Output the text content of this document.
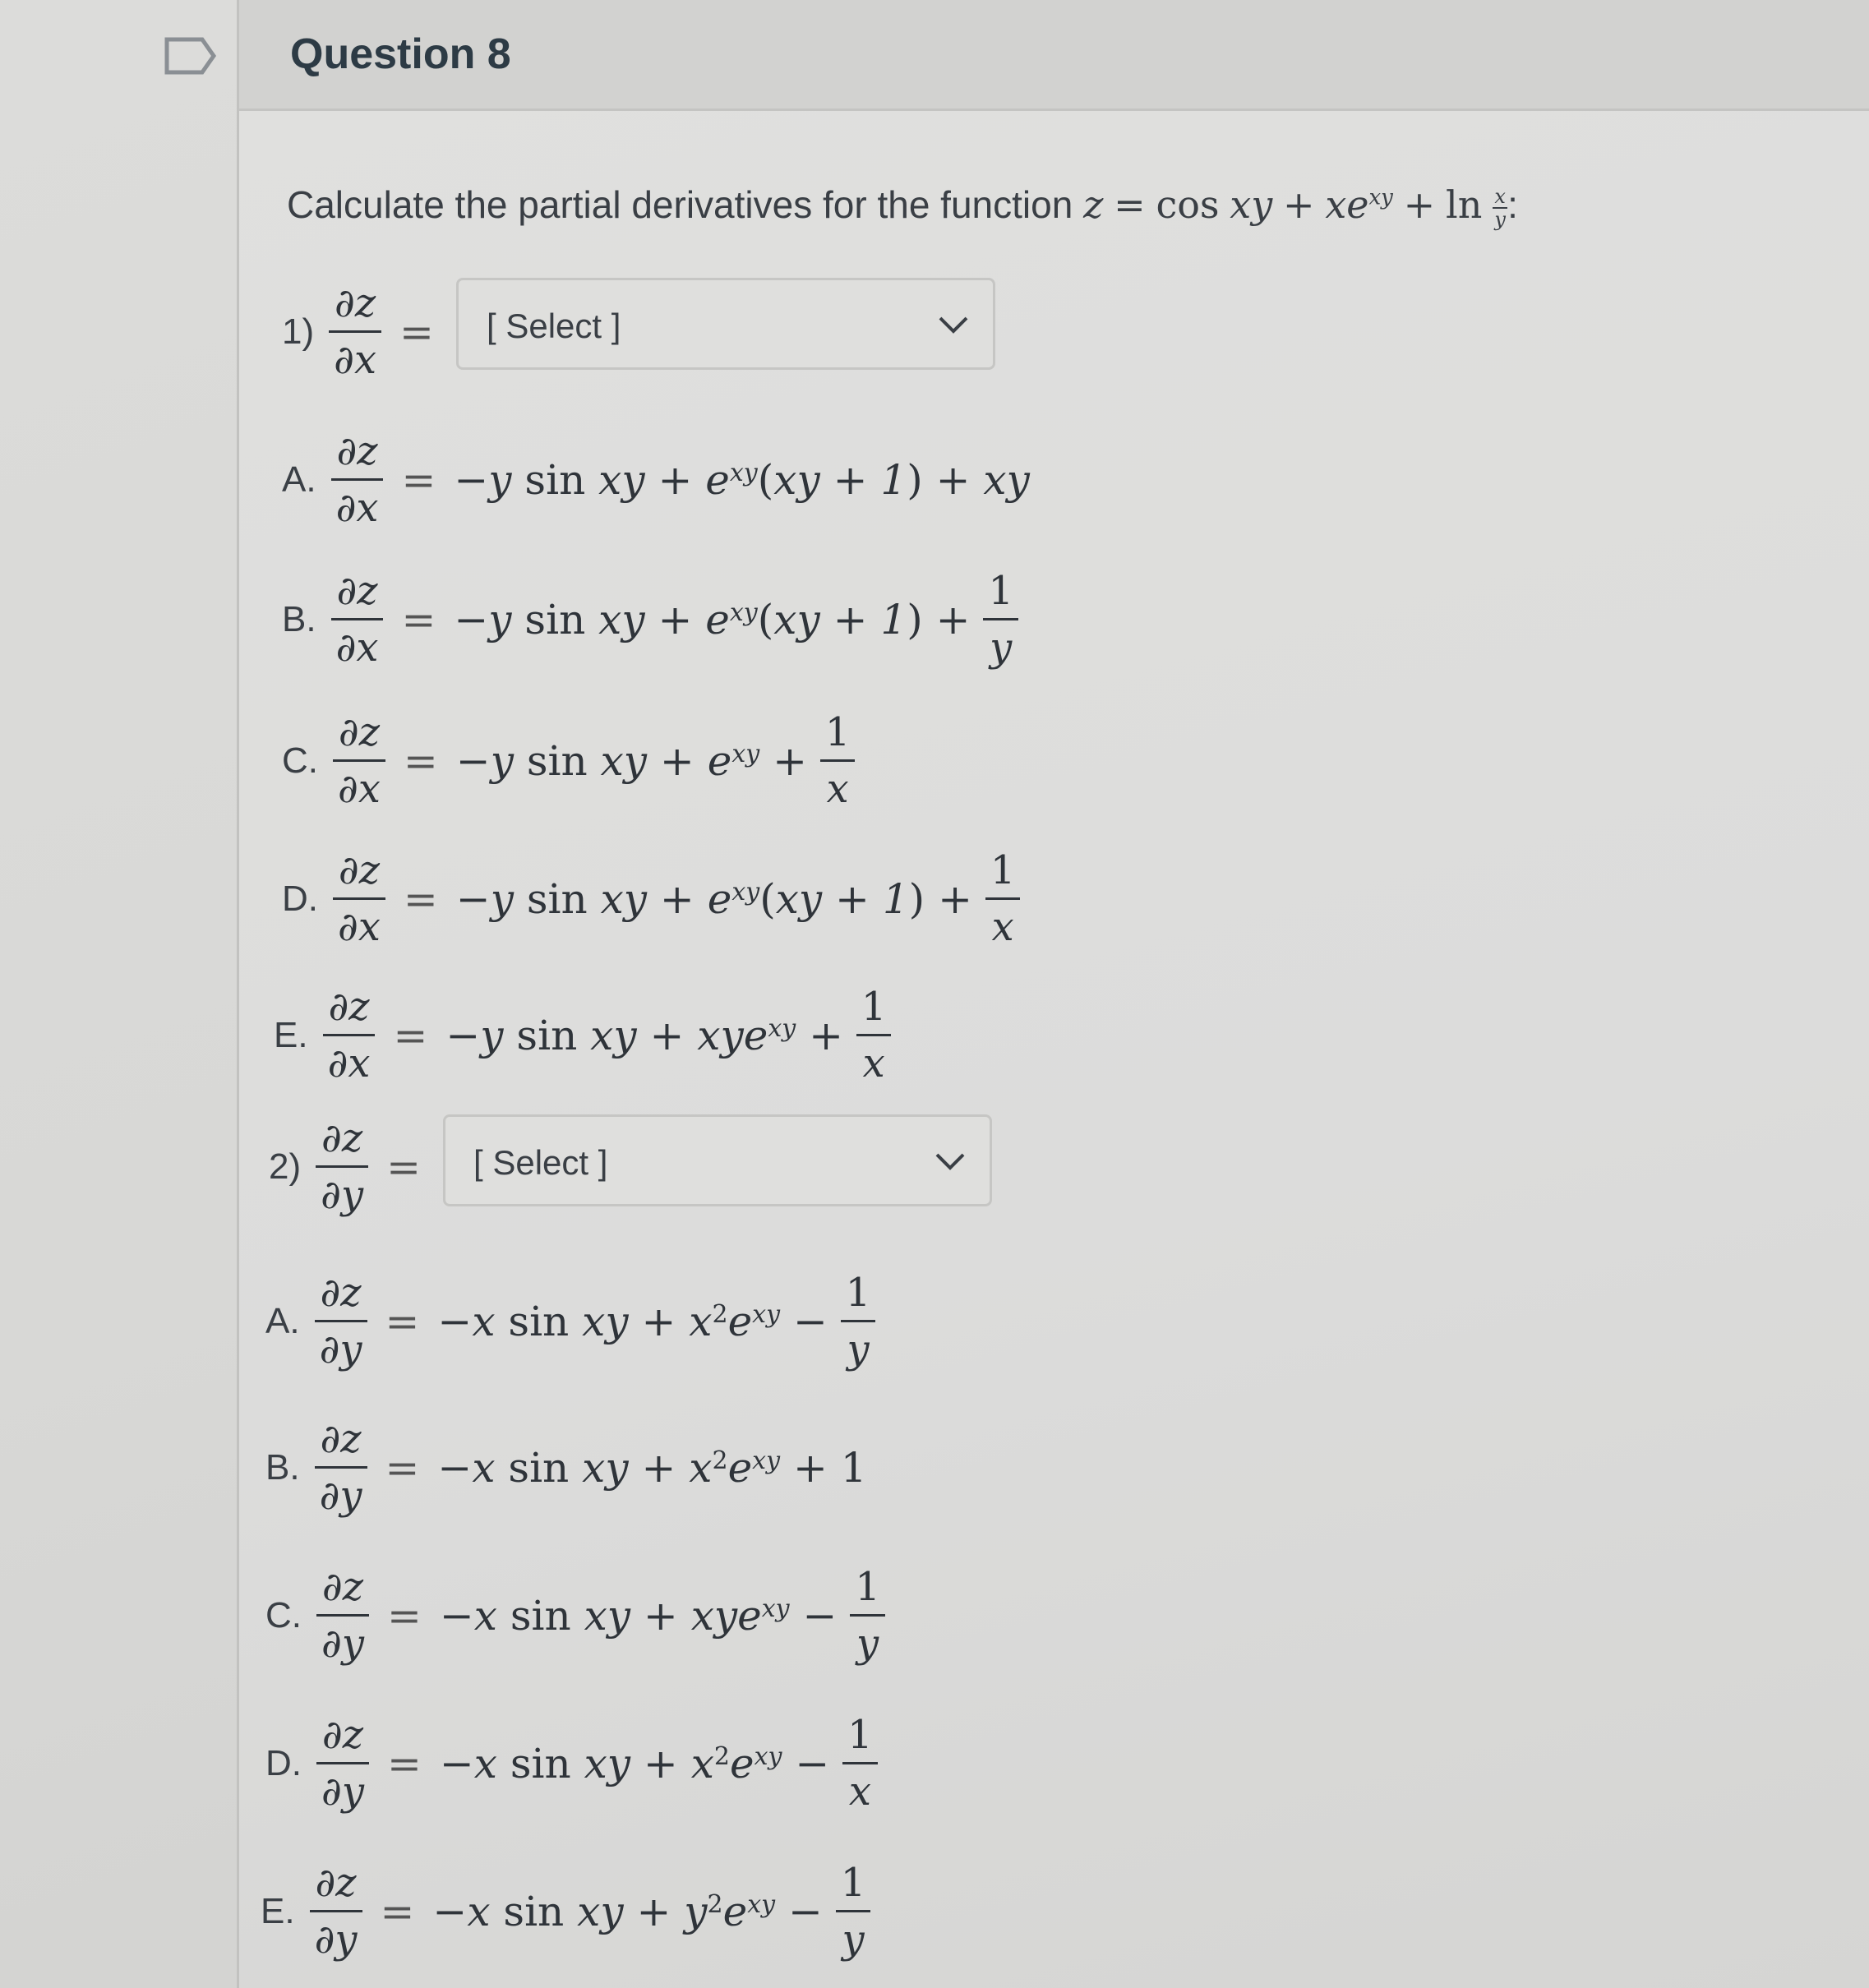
Question 8
Calculate the partial derivatives for the function z = cos xy + $xe^{xy} + \ln \frac{x}{y}$ :
$1) \frac{\partial z}{\partial x}$ = [ Select ]
A. $\frac{\partial z}{\partial x} = -y$ sin xy + $e^{xy}$ ( xy + 1 ) + xy
B. $\frac{\partial z}{\partial x} = -y$ sin xy + $e^{xy}$ ( xy + 1 ) + $\frac{1}{y}$
C. $\frac{\partial z}{\partial x} = -y$ sin xy + $e^{xy} + \frac{1}{x}$
D. $\frac{\partial z}{\partial x} = -y$ sin xy + $e^{xy}$ ( xy + 1 ) + $\frac{1}{x}$
E. $\frac{\partial z}{\partial x} = -y$ sin xy + $xye^{xy} + \frac{1}{x}$
$2) \frac{\partial z}{\partial y}$ = [ Select ]
A. $\frac{\partial z}{\partial y} = -x$ sin xy + $x^2$ $e^{xy} - \frac{1}{y}$
B. $\frac{\partial z}{\partial y} = -x$ sin xy + $x^2$ $e^{xy}$
+ 1
C. $\frac{\partial z}{\partial y} = -x$ sin xy + $xye^{xy} - \frac{1}{y}$
D. $\frac{\partial z}{\partial y} = -x$ sin xy + $x^2$ $e^{xy} - \frac{1}{x}$
E. $\frac{\partial z}{\partial y} = -x$ sin xy + $y^2$ $e^{xy} - \frac{1}{y}$
